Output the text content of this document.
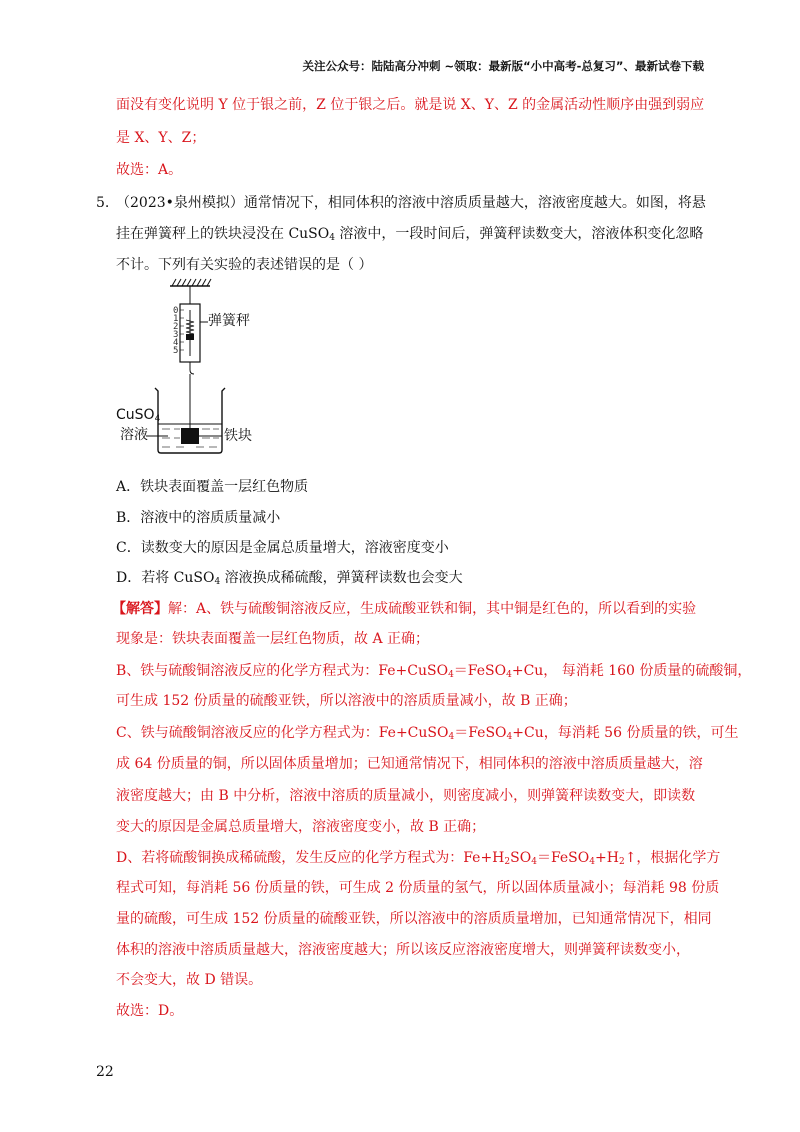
关注公众号：陆陆高分冲刺 ~领取：最新版“小中高考-总复习”、最新试卷下载
面没有变化说明 Y 位于银之前，Z 位于银之后。就是说 X、Y、Z 的金属活动性顺序由强到弱应
是 X、Y、Z；
故选：A。
5. （2023•泉州模拟）通常情况下，相同体积的溶液中溶质质量越大，溶液密度越大。如图，将悬
挂在弹簧秤上的铁块浸没在 CuSO$_4$ 溶液中，一段时间后，弹簧秤读数变大，溶液体积变化忽略
不计。下列有关实验的表述错误的是（ ）
0
1
2
3
4
5
弹簧秤
CuSO$_4$
溶液	铁块
A．铁块表面覆盖一层红色物质
B．溶液中的溶质质量减小
C．读数变大的原因是金属总质量增大，溶液密度变小
D．若将 CuSO$_4$ 溶液换成稀硫酸，弹簧秤读数也会变大
【解答】解：A、铁与硫酸铜溶液反应，生成硫酸亚铁和铜，其中铜是红色的，所以看到的实验
现象是：铁块表面覆盖一层红色物质，故 A 正确；
B、铁与硫酸铜溶液反应的化学方程式为：Fe+CuSO$_4$＝FeSO$_4$+Cu， 每消耗 160 份质量的硫酸铜，
可生成 152 份质量的硫酸亚铁，所以溶液中的溶质质量减小，故 B 正确；
C、铁与硫酸铜溶液反应的化学方程式为：Fe+CuSO$_4$＝FeSO$_4$+Cu，每消耗 56 份质量的铁，可生
成 64 份质量的铜，所以固体质量增加；已知通常情况下，相同体积的溶液中溶质质量越大，溶
液密度越大；由 B 中分析，溶液中溶质的质量减小，则密度减小，则弹簧秤读数变大，即读数
变大的原因是金属总质量增大，溶液密度变小，故 B 正确；
D、若将硫酸铜换成稀硫酸，发生反应的化学方程式为：$Fe+H_2SO_4=FeSO_4+H_2↑$，根据化学方
程式可知，每消耗 56 份质量的铁，可生成 2 份质量的氢气，所以固体质量减小；每消耗 98 份质
量的硫酸，可生成 152 份质量的硫酸亚铁，所以溶液中的溶质质量增加，已知通常情况下，相同
体积的溶液中溶质质量越大，溶液密度越大；所以该反应溶液密度增大，则弹簧秤读数变小，
不会变大，故 D 错误。
故选：D。
22
